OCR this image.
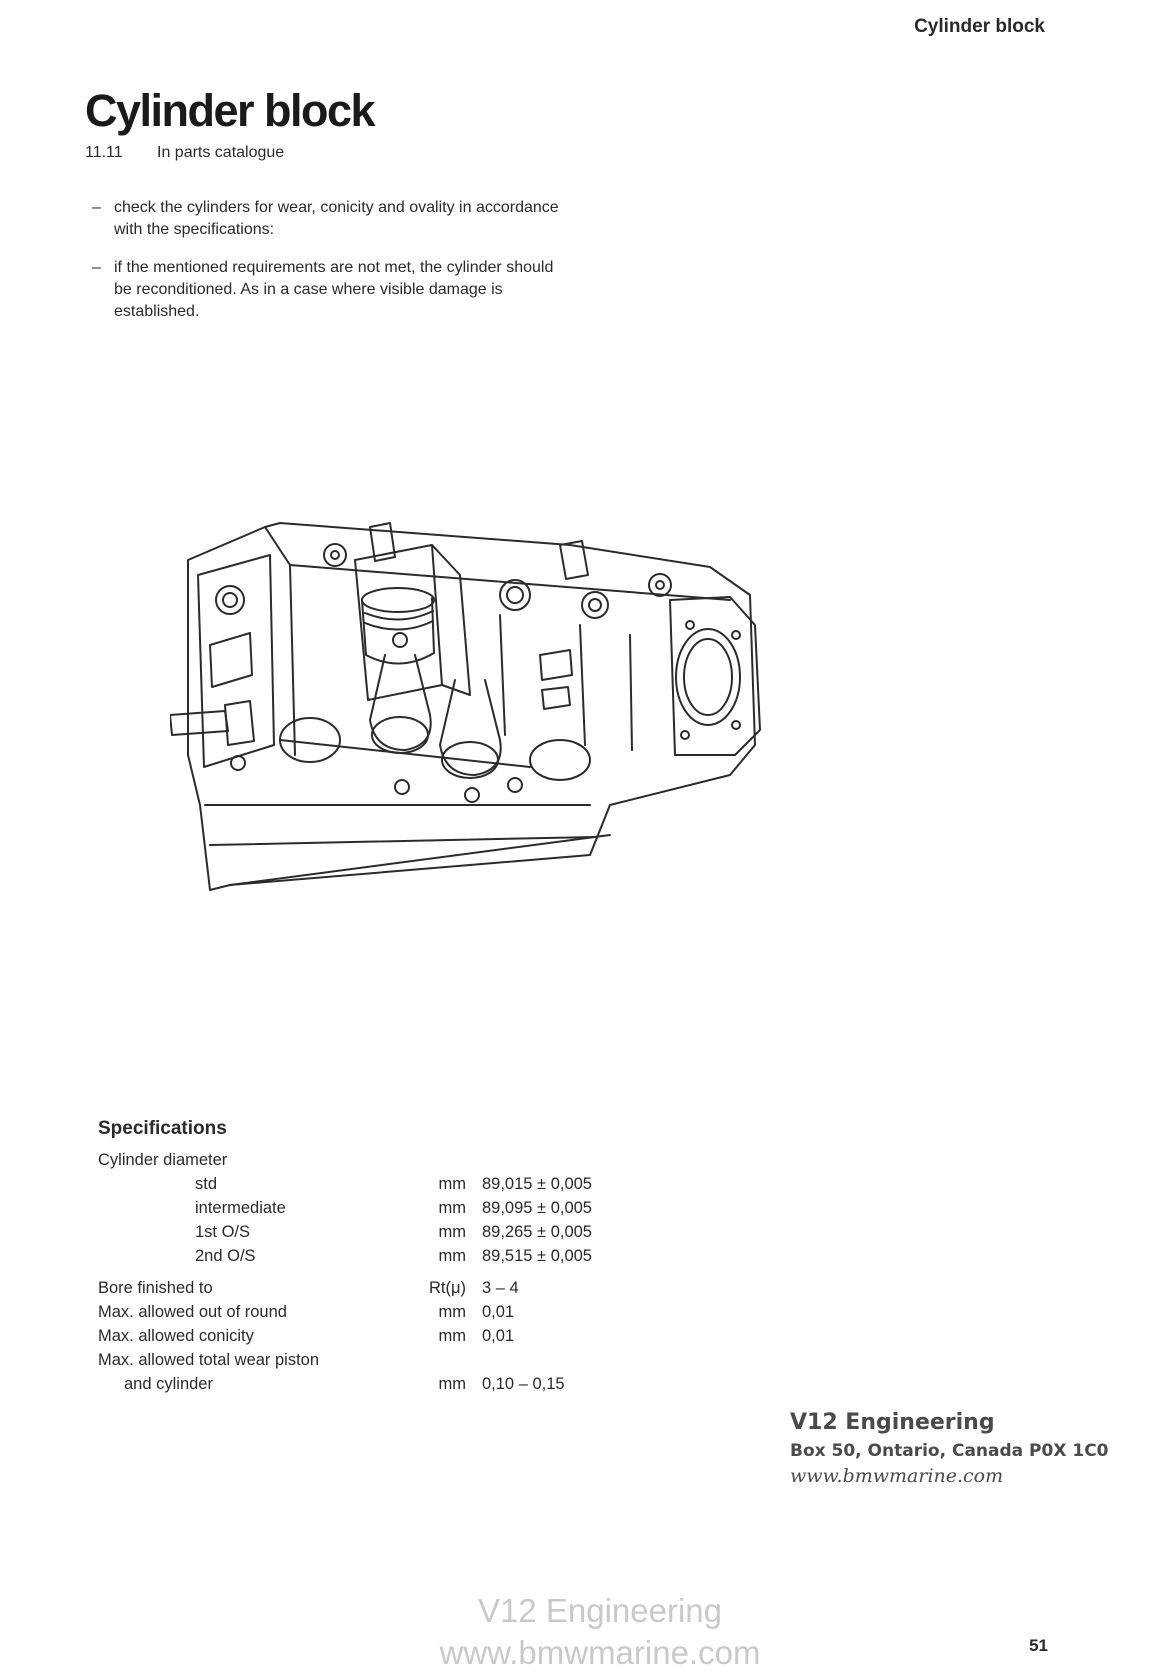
Cylinder block
Cylinder block
11.11 In parts catalogue
– check the cylinders for wear, conicity and ovality in accordance with the specifications:
– if the mentioned requirements are not met, the cylinder should be reconditioned. As in a case where visible damage is established.
Specifications
Cylinder diameter
std	mm 89,015 ± 0,005
intermediate	mm 89,095 ± 0,005
1st O/S	mm 89,265 ± 0,005
2nd O/S	mm 89,515 ± 0,005
Bore finished to	Rt(μ) 3 – 4
Max. allowed out of round	mm 0,01
Max. allowed conicity	mm 0,01
Max. allowed total wear piston
and cylinder	mm 0,10 – 0,15
V12 Engineering
Box 50, Ontario, Canada P0X 1C0
www.bmwmarine.com
V12 Engineering
www.bmwmarine.com	51
